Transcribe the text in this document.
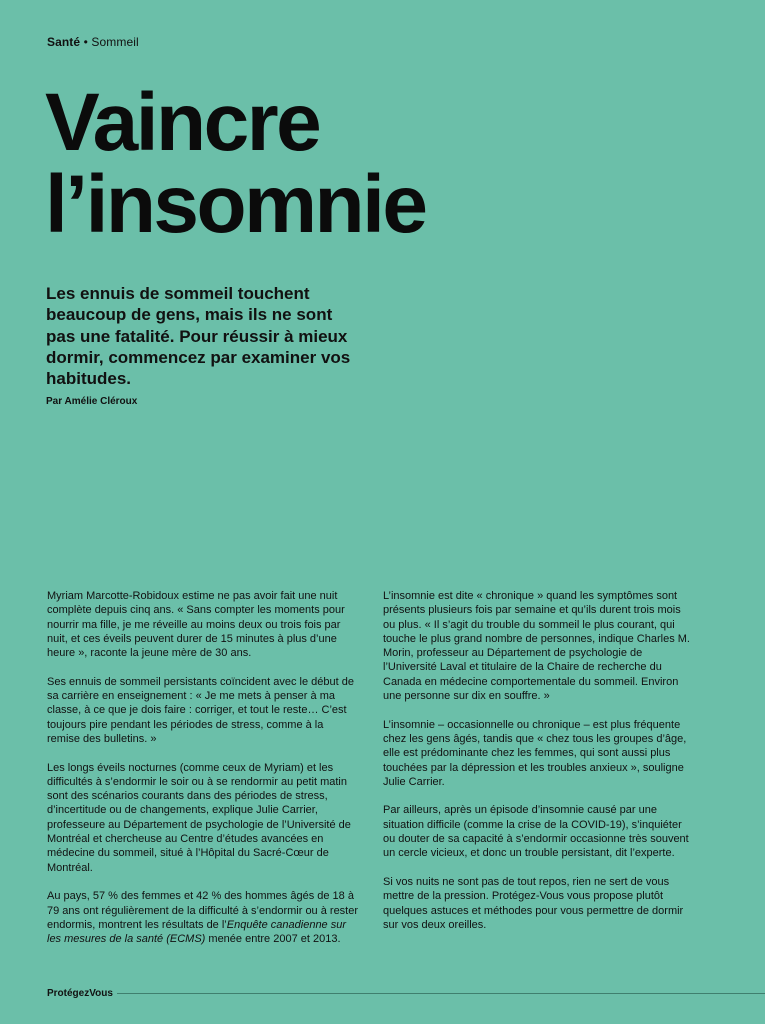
Santé • Sommeil
Vaincre
l’insomnie

Les ennuis de sommeil touchent beaucoup de gens, mais ils ne sont pas une fatalité. Pour réussir à mieux dormir, commencez par examiner vos habitudes.

Par Amélie Cléroux

Myriam Marcotte-Robidoux estime ne pas avoir fait une nuit complète depuis cinq ans. « Sans compter les moments pour nourrir ma fille, je me réveille au moins deux ou trois fois par nuit, et ces éveils peuvent durer de 15 minutes à plus d’une heure », raconte la jeune mère de 30 ans.

Ses ennuis de sommeil persistants coïncident avec le début de sa carrière en enseignement : « Je me mets à penser à ma classe, à ce que je dois faire : corriger, et tout le reste… C’est toujours pire pendant les périodes de stress, comme à la remise des bulletins. »

Les longs éveils nocturnes (comme ceux de Myriam) et les difficultés à s’endormir le soir ou à se rendormir au petit matin sont des scénarios courants dans des périodes de stress, d’incertitude ou de changements, explique Julie Carrier, professeure au Département de psychologie de l’Université de Montréal et chercheuse au Centre d’études avancées en médecine du sommeil, situé à l’Hôpital du Sacré-Cœur de Montréal.

Au pays, 57 % des femmes et 42 % des hommes âgés de 18 à 79 ans ont régulièrement de la difficulté à s’endormir ou à rester endormis, montrent les résultats de l’Enquête canadienne sur les mesures de la santé (ECMS) menée entre 2007 et 2013.

L’insomnie est dite « chronique » quand les symptômes sont présents plusieurs fois par semaine et qu’ils durent trois mois ou plus. « Il s’agit du trouble du sommeil le plus courant, qui touche le plus grand nombre de personnes, indique Charles M. Morin, professeur au Département de psychologie de l’Université Laval et titulaire de la Chaire de recherche du Canada en médecine comportementale du sommeil. Environ une personne sur dix en souffre. »

L’insomnie – occasionnelle ou chronique – est plus fréquente chez les gens âgés, tandis que « chez tous les groupes d’âge, elle est prédominante chez les femmes, qui sont aussi plus touchées par la dépression et les troubles anxieux », souligne Julie Carrier.

Par ailleurs, après un épisode d’insomnie causé par une situation difficile (comme la crise de la COVID-19), s’inquiéter ou douter de sa capacité à s’endormir occasionne très souvent un cercle vicieux, et donc un trouble persistant, dit l’experte.

Si vos nuits ne sont pas de tout repos, rien ne sert de vous mettre de la pression. Protégez-Vous vous propose plutôt quelques astuces et méthodes pour vous permettre de dormir sur vos deux oreilles.

ProtégezVous
